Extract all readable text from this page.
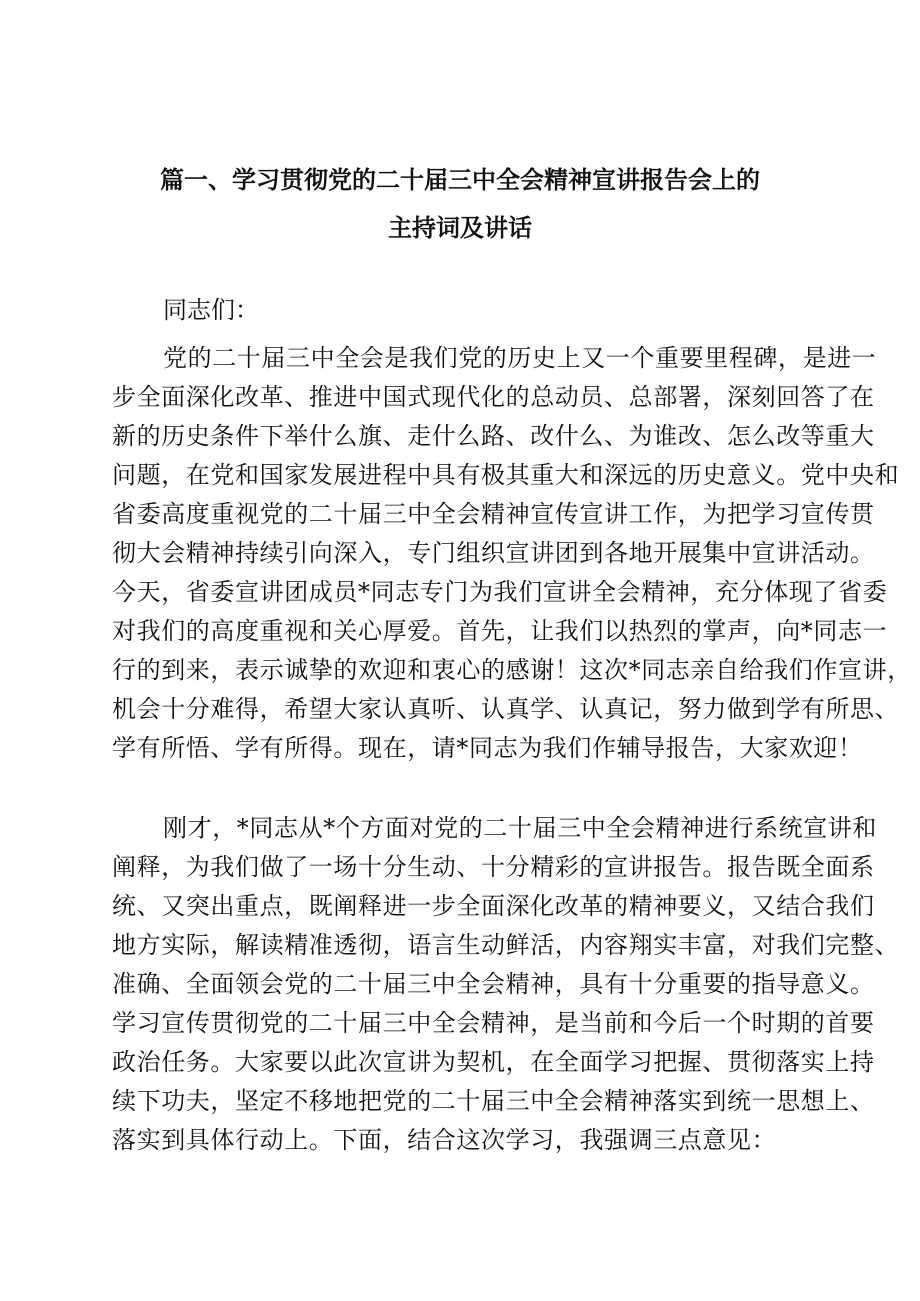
篇一、学习贯彻党的二十届三中全会精神宣讲报告会上的
主持词及讲话
同志们：
党的二十届三中全会是我们党的历史上又一个重要里程碑，是进一
步全面深化改革、推进中国式现代化的总动员、总部署，深刻回答了在
新的历史条件下举什么旗、走什么路、改什么、为谁改、怎么改等重大
问题，在党和国家发展进程中具有极其重大和深远的历史意义。党中央和
省委高度重视党的二十届三中全会精神宣传宣讲工作，为把学习宣传贯
彻大会精神持续引向深入，专门组织宣讲团到各地开展集中宣讲活动。
今天，省委宣讲团成员*同志专门为我们宣讲全会精神，充分体现了省委
对我们的高度重视和关心厚爱。首先，让我们以热烈的掌声，向*同志一
行的到来，表示诚挚的欢迎和衷心的感谢！这次*同志亲自给我们作宣讲，
机会十分难得，希望大家认真听、认真学、认真记，努力做到学有所思、
学有所悟、学有所得。现在，请*同志为我们作辅导报告，大家欢迎！
刚才，*同志从*个方面对党的二十届三中全会精神进行系统宣讲和
阐释，为我们做了一场十分生动、十分精彩的宣讲报告。报告既全面系
统、又突出重点，既阐释进一步全面深化改革的精神要义，又结合我们
地方实际，解读精准透彻，语言生动鲜活，内容翔实丰富，对我们完整、
准确、全面领会党的二十届三中全会精神，具有十分重要的指导意义。
学习宣传贯彻党的二十届三中全会精神，是当前和今后一个时期的首要
政治任务。大家要以此次宣讲为契机，在全面学习把握、贯彻落实上持
续下功夫，坚定不移地把党的二十届三中全会精神落实到统一思想上、
落实到具体行动上。下面，结合这次学习，我强调三点意见：
